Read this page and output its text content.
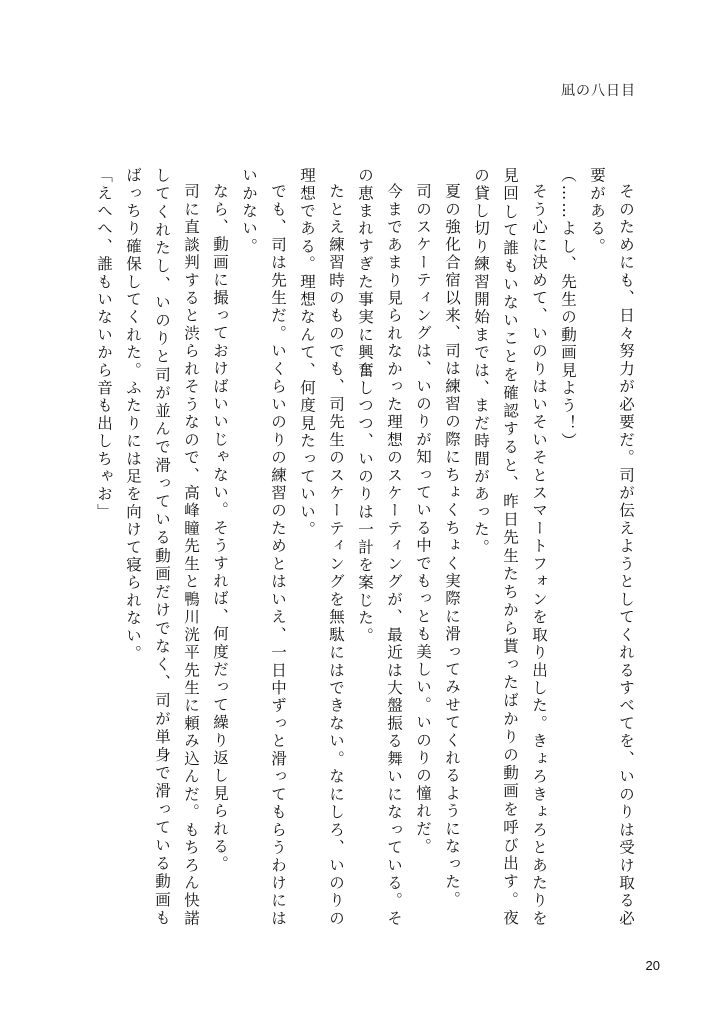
凪の八日目

そのためにも、日々努力が必要だ。司が伝えようとしてくれるすべてを、いのりは受け取る必要がある。

（……よし、先生の動画見よう！）

そう心に決めて、いのりはいそいそとスマートフォンを取り出した。きょろきょろとあたりを見回して誰もいないことを確認すると、昨日先生たちから貰ったばかりの動画を呼び出す。夜の貸し切り練習開始までは、まだ時間があった。

夏の強化合宿以来、司は練習の際にちょくちょく実際に滑ってみせてくれるようになった。

司のスケーティングは、いのりが知っている中でもっとも美しい。いのりの憧れだ。

今まであまり見られなかった理想のスケーティングが、最近は大盤振る舞いになっている。その恵まれすぎた事実に興奮しつつ、いのりは一計を案じた。

たとえ練習時のものでも、司先生のスケーティングを無駄にはできない。なにしろ、いのりの理想である。理想なんて、何度見たっていい。

でも、司は先生だ。いくらいのりの練習のためとはいえ、一日中ずっと滑ってもらうわけにはいかない。

なら、動画に撮っておけばいいじゃない。そうすれば、何度だって繰り返し見られる。

司に直談判すると渋られそうなので、高峰瞳先生と鴨川洸平先生に頼み込んだ。もちろん快諾してくれたし、いのりと司が並んで滑っている動画だけでなく、司が単身で滑っている動画もばっちり確保してくれた。ふたりには足を向けて寝られない。

「えへへ、誰もいないから音も出しちゃお」

20
